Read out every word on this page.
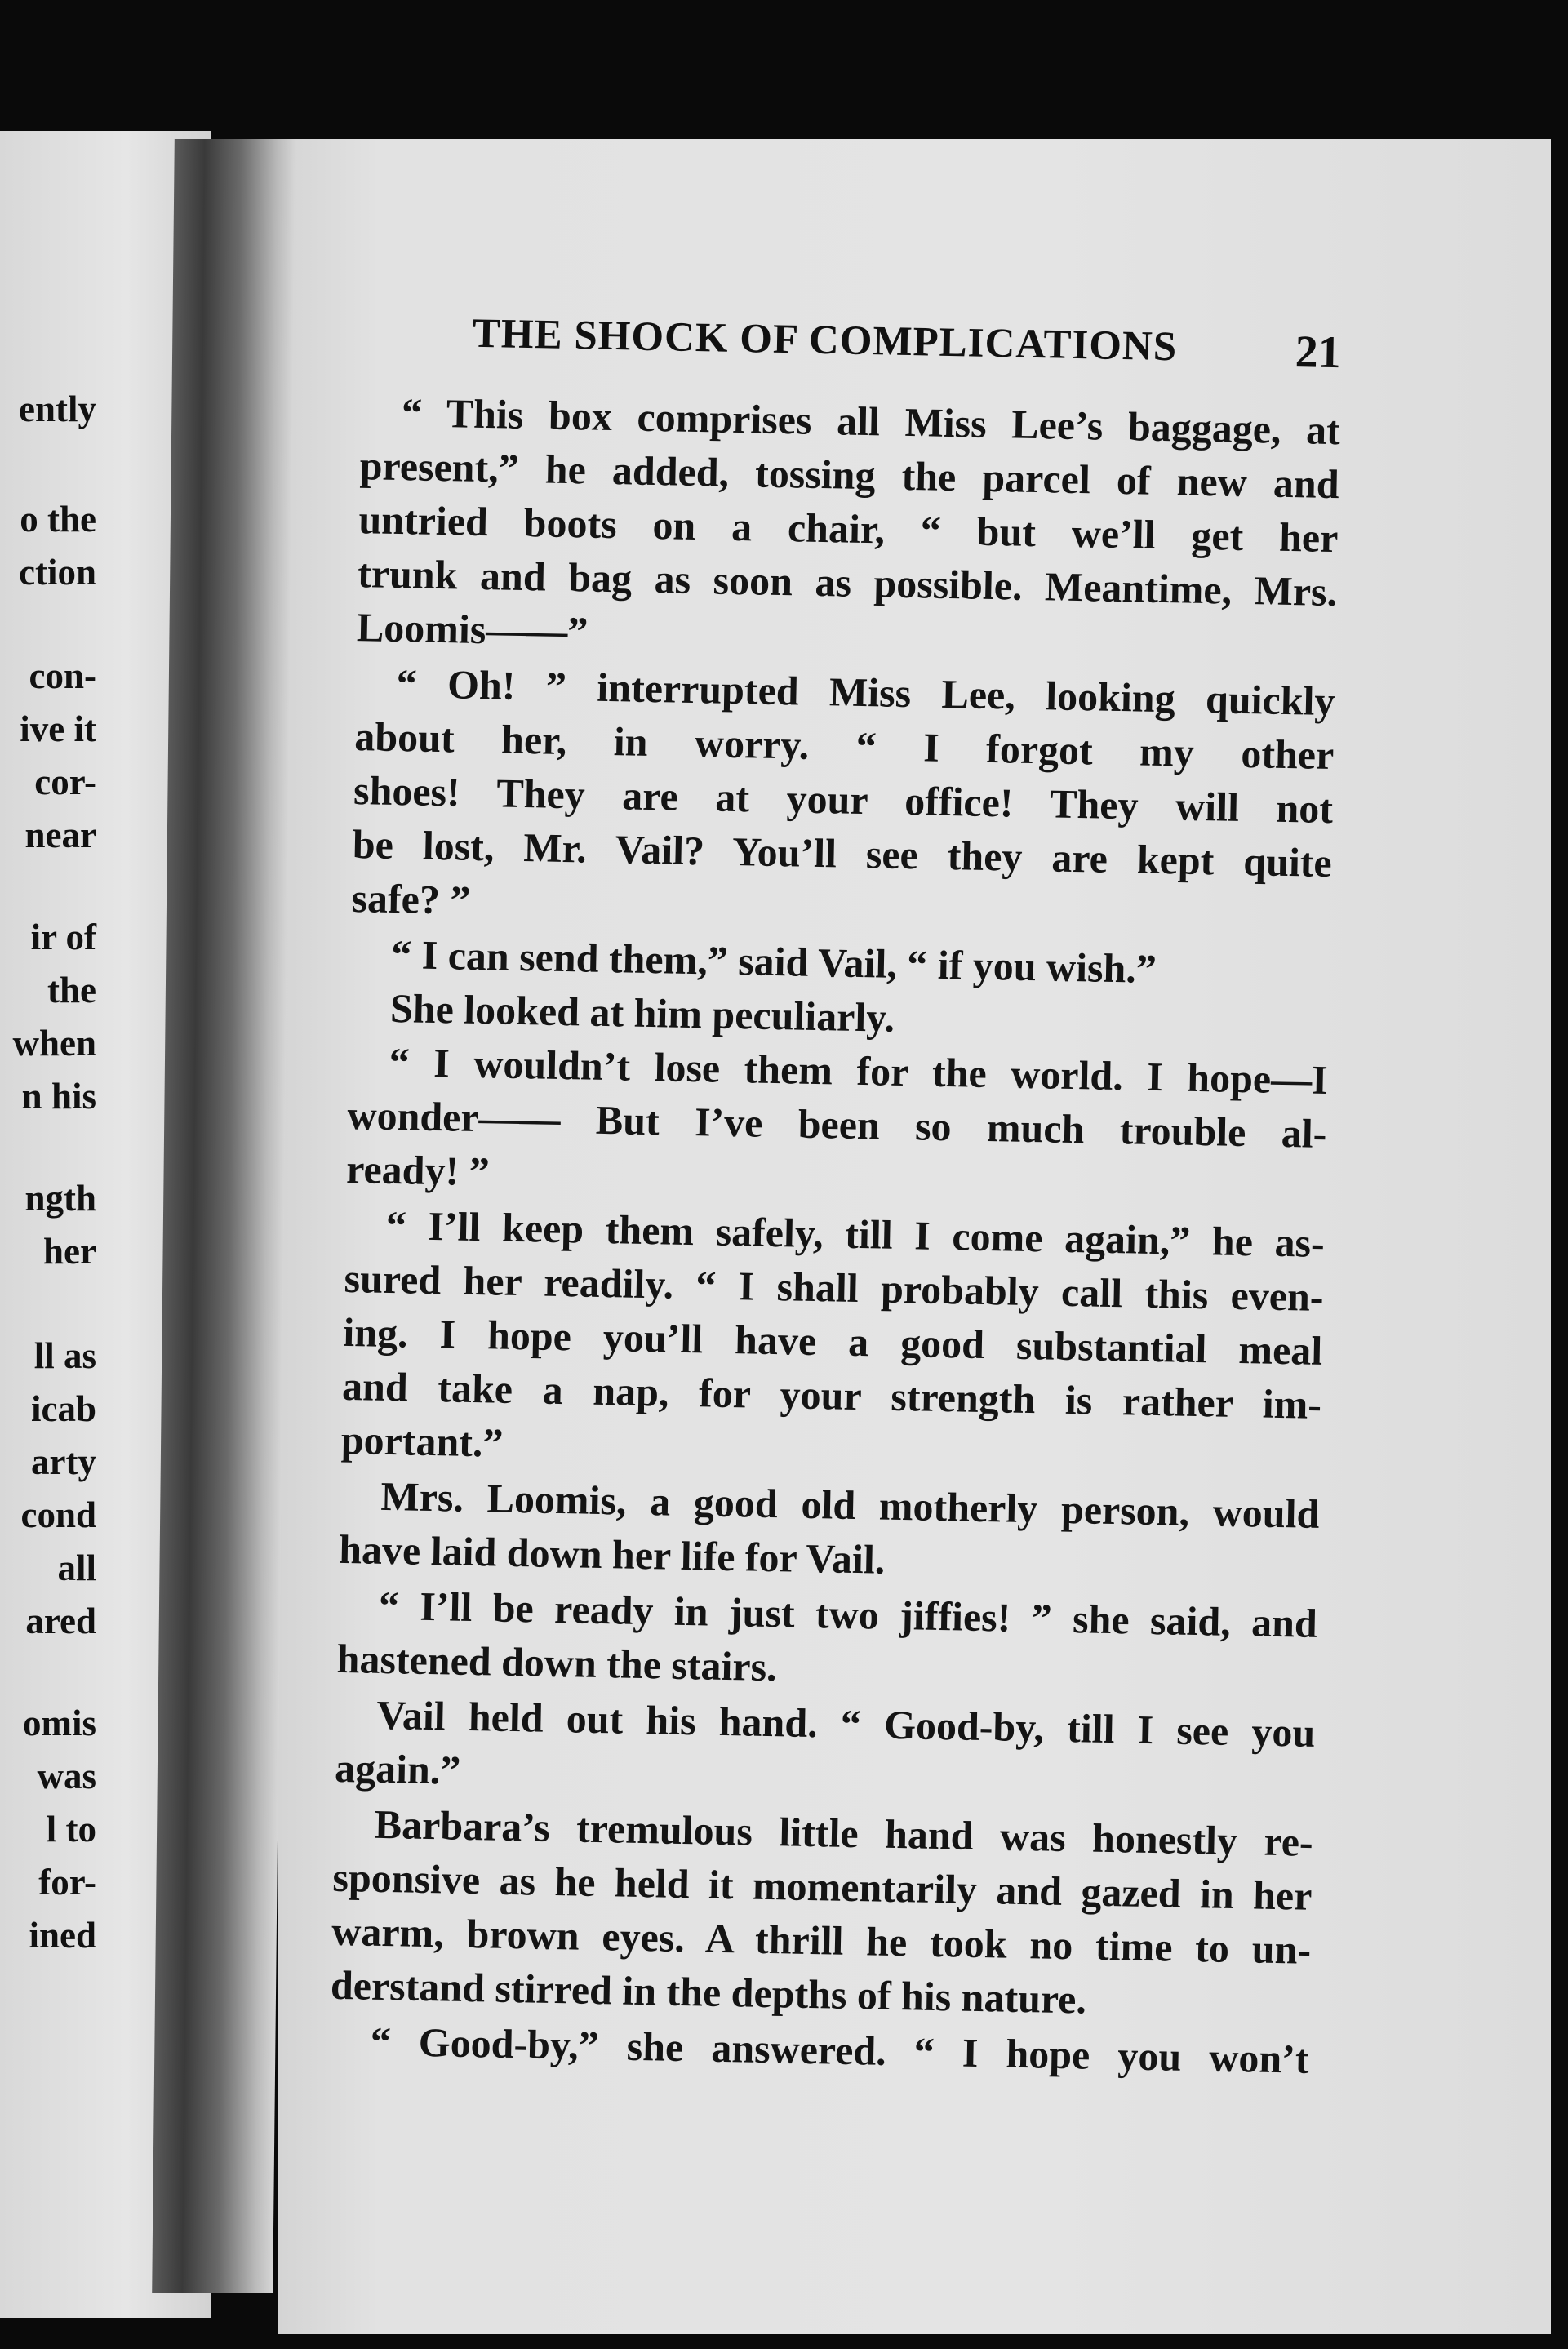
ently
o the
ction
con-
ive it
cor-
near
ir of
the
when
n his
ngth
her
ll as
icab
arty
cond
all
ared
omis
was
l to
for-
ined
THE SHOCK OF COMPLICATIONS	21
“ This box comprises all Miss Lee’s baggage, at
present,” he added, tossing the parcel of new and
untried boots on a chair, “ but we’ll get her
trunk and bag as soon as possible. Meantime, Mrs.
Loomis——”
“ Oh! ” interrupted Miss Lee, looking quickly
about her, in worry. “ I forgot my other
shoes! They are at your office! They will not
be lost, Mr. Vail? You’ll see they are kept quite
safe? ”
“ I can send them,” said Vail, “ if you wish.”
She looked at him peculiarly.
“ I wouldn’t lose them for the world. I hope—I
wonder—— But I’ve been so much trouble al-
ready! ”
“ I’ll keep them safely, till I come again,” he as-
sured her readily. “ I shall probably call this even-
ing. I hope you’ll have a good substantial meal
and take a nap, for your strength is rather im-
portant.”
Mrs. Loomis, a good old motherly person, would
have laid down her life for Vail.
“ I’ll be ready in just two jiffies! ” she said, and
hastened down the stairs.
Vail held out his hand. “ Good-by, till I see you
again.”
Barbara’s tremulous little hand was honestly re-
sponsive as he held it momentarily and gazed in her
warm, brown eyes. A thrill he took no time to un-
derstand stirred in the depths of his nature.
“ Good-by,” she answered. “ I hope you won’t
